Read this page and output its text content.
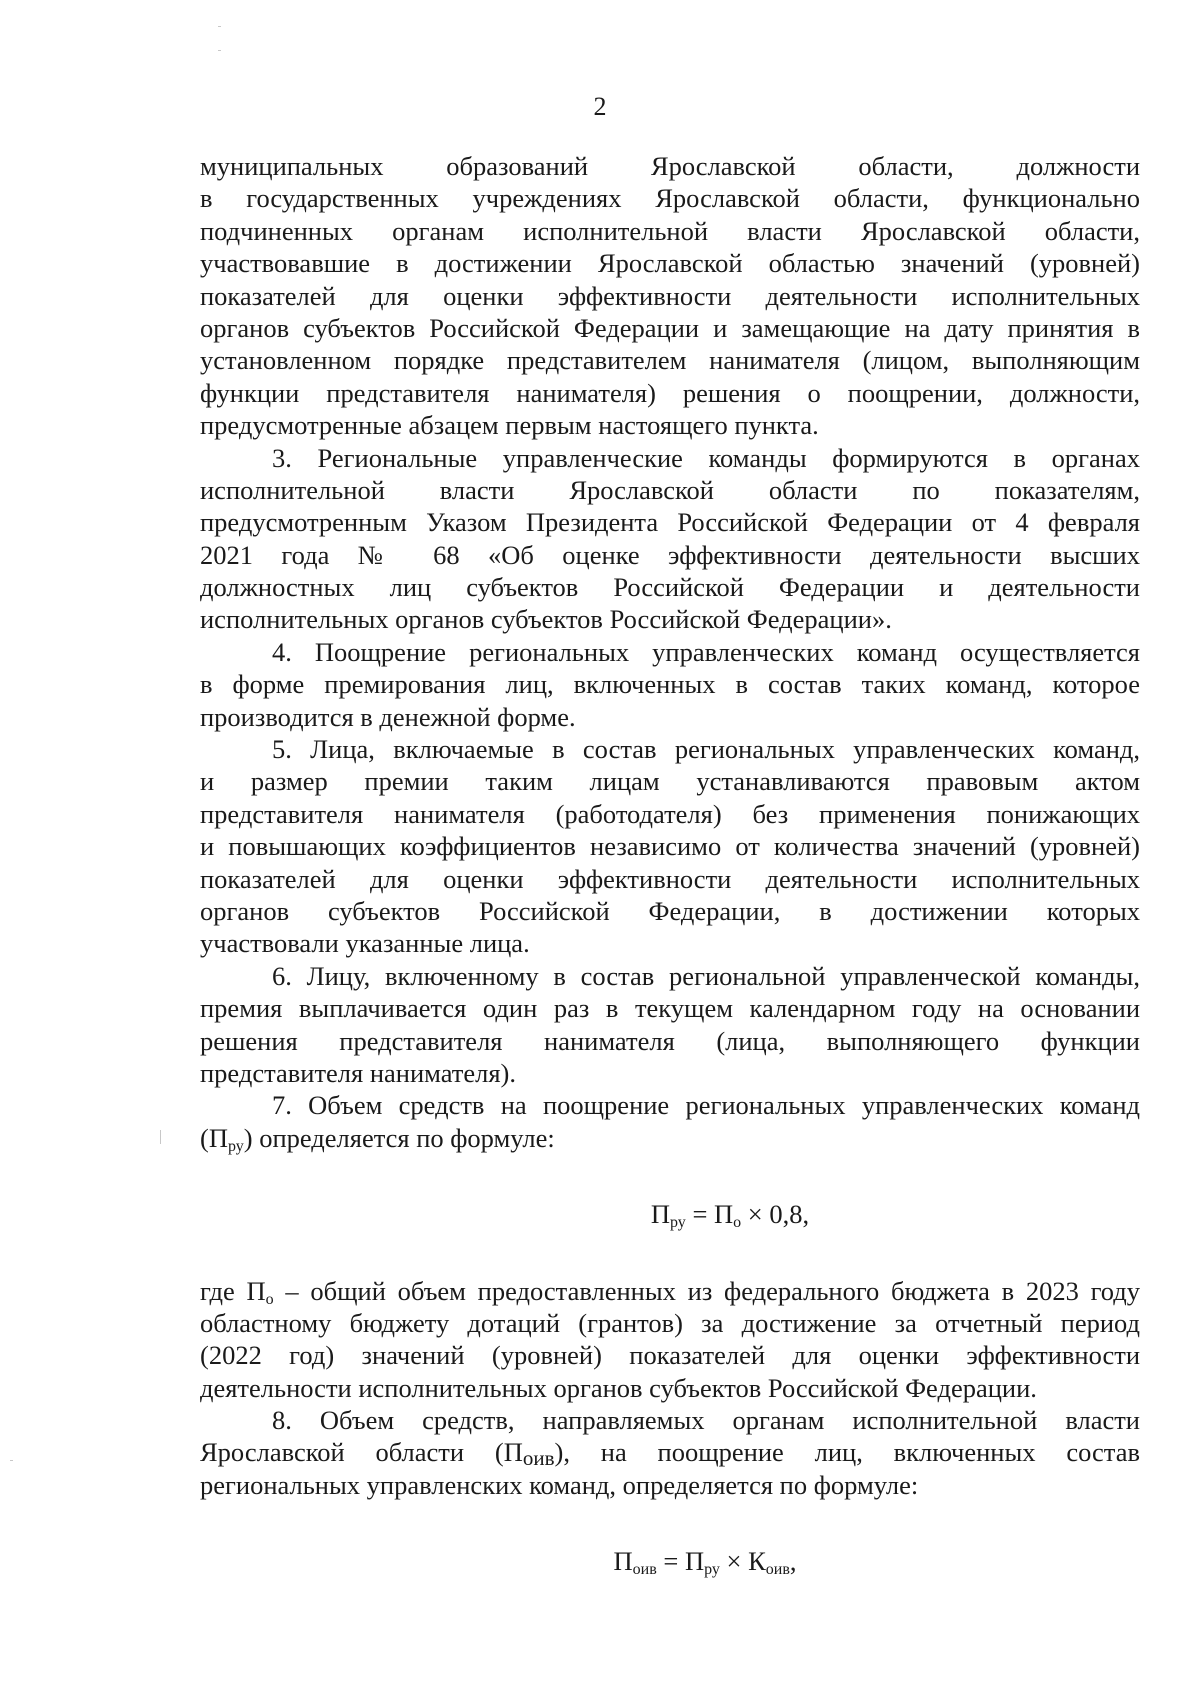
2
муниципальных образований Ярославской области, должности
в государственных учреждениях Ярославской области, функционально
подчиненных органам исполнительной власти Ярославской области,
участвовавшие в достижении Ярославской областью значений (уровней)
показателей для оценки эффективности деятельности исполнительных
органов субъектов Российской Федерации и замещающие на дату принятия в
установленном порядке представителем нанимателя (лицом, выполняющим
функции представителя нанимателя) решения о поощрении, должности,
предусмотренные абзацем первым настоящего пункта.
3. Региональные управленческие команды формируются в органах
исполнительной власти Ярославской области по показателям,
предусмотренным Указом Президента Российской Федерации от 4 февраля
2021 года № 68 «Об оценке эффективности деятельности высших
должностных лиц субъектов Российской Федерации и деятельности
исполнительных органов субъектов Российской Федерации».
4. Поощрение региональных управленческих команд осуществляется
в форме премирования лиц, включенных в состав таких команд, которое
производится в денежной форме.
5. Лица, включаемые в состав региональных управленческих команд,
и размер премии таким лицам устанавливаются правовым актом
представителя нанимателя (работодателя) без применения понижающих
и повышающих коэффициентов независимо от количества значений (уровней)
показателей для оценки эффективности деятельности исполнительных
органов субъектов Российской Федерации, в достижении которых
участвовали указанные лица.
6. Лицу, включенному в состав региональной управленческой команды,
премия выплачивается один раз в текущем календарном году на основании
решения представителя нанимателя (лица, выполняющего функции
представителя нанимателя).
7. Объем средств на поощрение региональных управленческих команд
$(П_{ру})$ определяется по формуле:
$П_{ру} = П_о \times 0,8$,
где $П_о$ – общий объем предоставленных из федерального бюджета в 2023 году
областному бюджету дотаций (грантов) за достижение за отчетный период
(2022 год) значений (уровней) показателей для оценки эффективности
деятельности исполнительных органов субъектов Российской Федерации.
8. Объем средств, направляемых органам исполнительной власти
Ярославской области $(П_{оив})$, на поощрение лиц, включенных состав
региональных управленских команд, определяется по формуле:
$П_{оив} = П_{ру} \times К_{оив}$,
